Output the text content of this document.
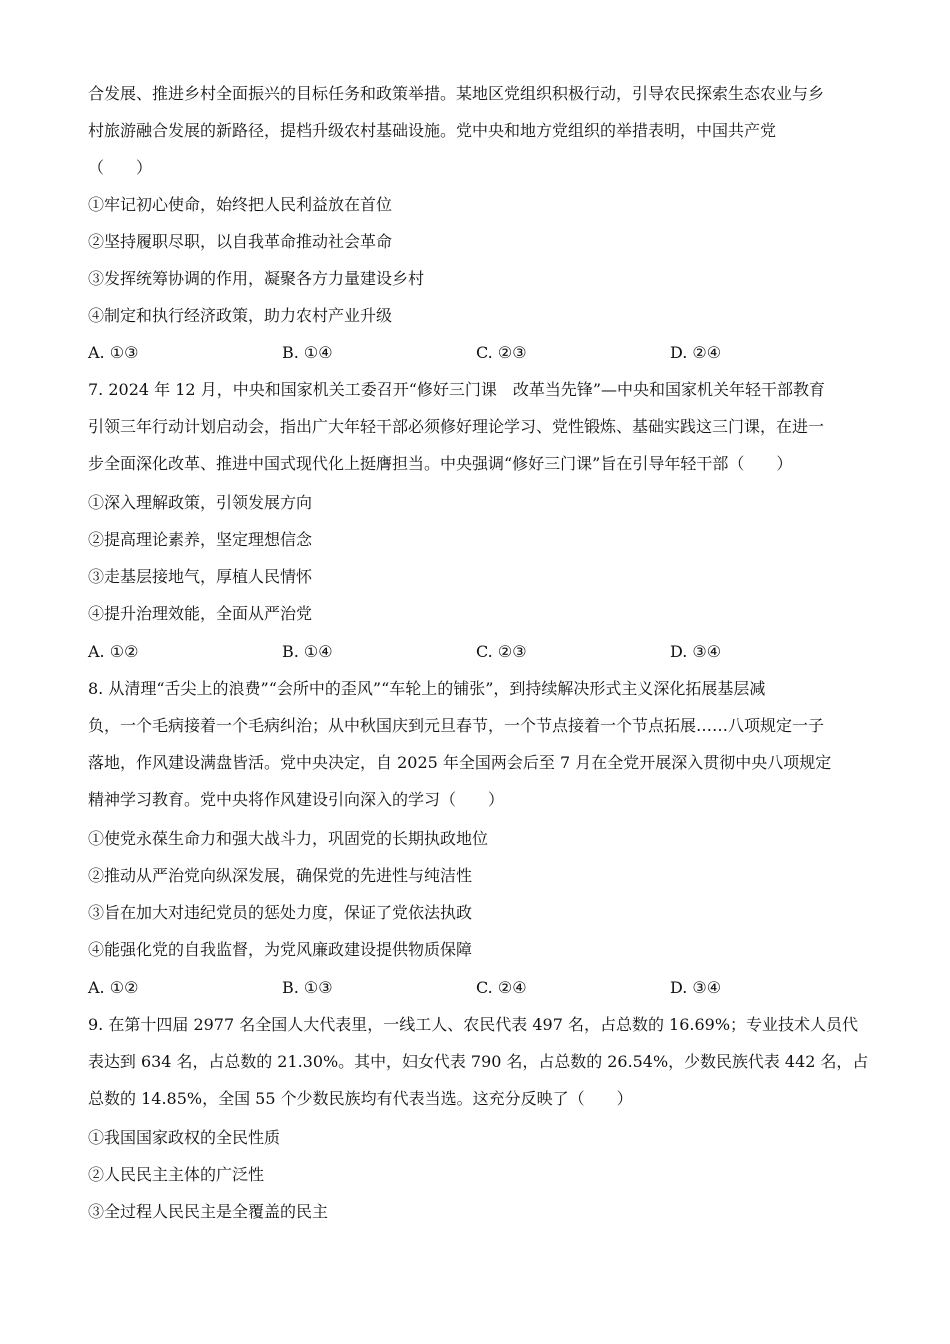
合发展、推进乡村全面振兴的目标任务和政策举措。某地区党组织积极行动，引导农民探索生态农业与乡
村旅游融合发展的新路径，提档升级农村基础设施。党中央和地方党组织的举措表明，中国共产党
（　　）
①牢记初心使命，始终把人民利益放在首位
②坚持履职尽职，以自我革命推动社会革命
③发挥统筹协调的作用，凝聚各方力量建设乡村
④制定和执行经济政策，助力农村产业升级
A. ①③	B. ①④	C. ②③	D. ②④
7. 2024 年 12 月，中央和国家机关工委召开“修好三门课　改革当先锋”—中央和国家机关年轻干部教育
引领三年行动计划启动会，指出广大年轻干部必须修好理论学习、党性锻炼、基础实践这三门课，在进一
步全面深化改革、推进中国式现代化上挺膺担当。中央强调“修好三门课”旨在引导年轻干部（　　）
①深入理解政策，引领发展方向
②提高理论素养，坚定理想信念
③走基层接地气，厚植人民情怀
④提升治理效能，全面从严治党
A. ①②	B. ①④	C. ②③	D. ③④
8. 从清理“舌尖上的浪费”“会所中的歪风”“车轮上的铺张”，到持续解决形式主义深化拓展基层减
负，一个毛病接着一个毛病纠治；从中秋国庆到元旦春节，一个节点接着一个节点拓展……八项规定一子
落地，作风建设满盘皆活。党中央决定，自 2025 年全国两会后至 7 月在全党开展深入贯彻中央八项规定
精神学习教育。党中央将作风建设引向深入的学习（　　）
①使党永葆生命力和强大战斗力，巩固党的长期执政地位
②推动从严治党向纵深发展，确保党的先进性与纯洁性
③旨在加大对违纪党员的惩处力度，保证了党依法执政
④能强化党的自我监督，为党风廉政建设提供物质保障
A. ①②	B. ①③	C. ②④	D. ③④
9. 在第十四届 2977 名全国人大代表里，一线工人、农民代表 497 名，占总数的 16.69%；专业技术人员代
表达到 634 名，占总数的 21.30%。其中，妇女代表 790 名，占总数的 26.54%，少数民族代表 442 名，占
总数的 14.85%，全国 55 个少数民族均有代表当选。这充分反映了（　　）
①我国国家政权的全民性质
②人民民主主体的广泛性
③全过程人民民主是全覆盖的民主
